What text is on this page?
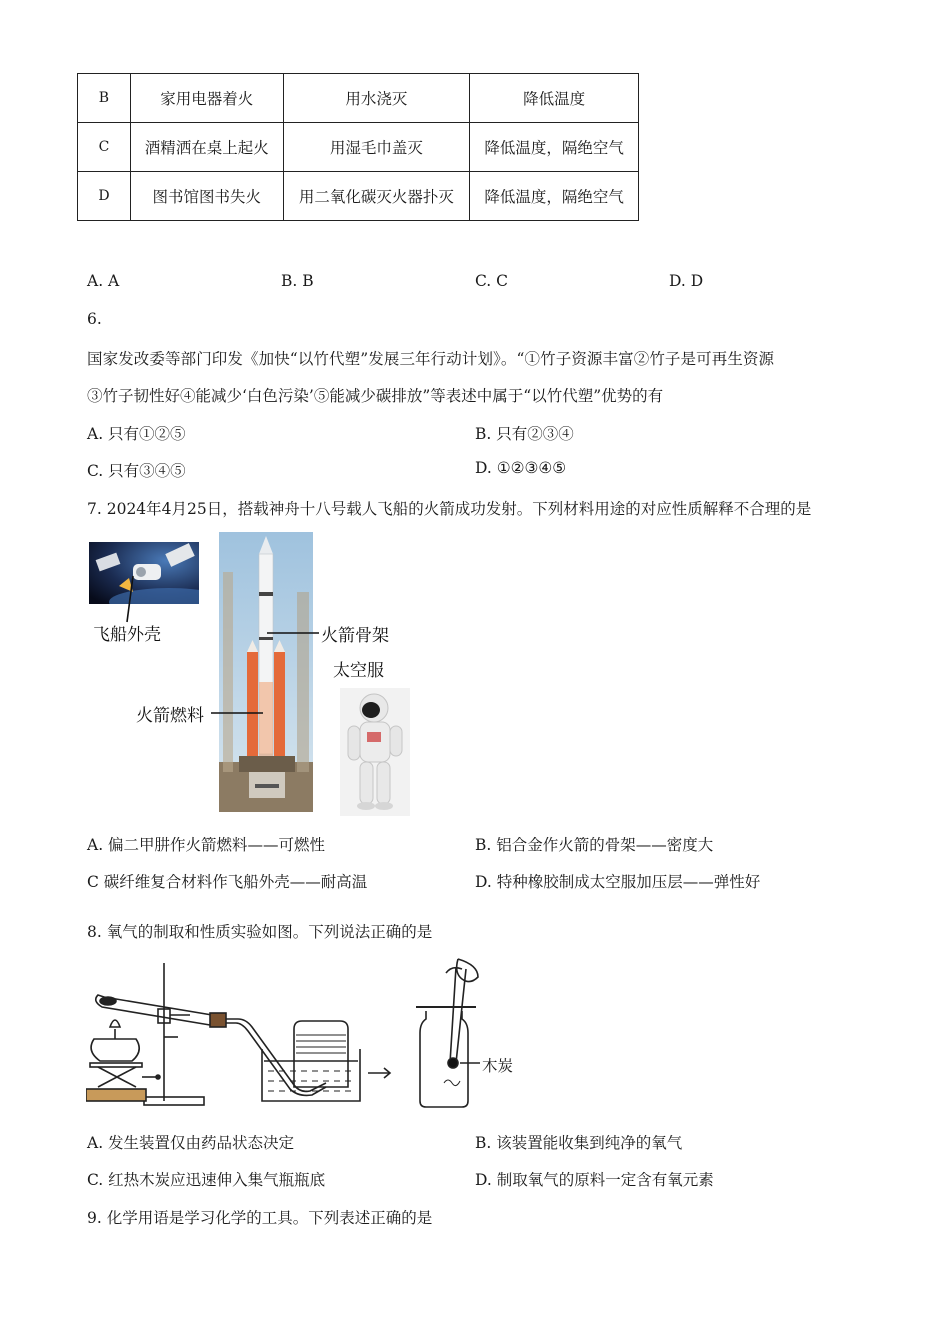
B	家用电器着火	用水浇灭	降低温度
C	酒精洒在桌上起火	用湿毛巾盖灭	降低温度，隔绝空气
D	图书馆图书失火	用二氧化碳灭火器扑灭	降低温度，隔绝空气
A. A	B. B	C. C	D. D
6.
国家发改委等部门印发《加快“以竹代塑”发展三年行动计划》。“①竹子资源丰富②竹子是可再生资源
③竹子韧性好④能减少‘白色污染’⑤能减少碳排放”等表述中属于“以竹代塑”优势的有
A. 只有①②⑤	B. 只有②③④
C. 只有③④⑤	D. ①②③④⑤
7. 2024年4月25日，搭载神舟十八号载人飞船的火箭成功发射。下列材料用途的对应性质解释不合理的是
飞船外壳	火箭骨架
太空服
火箭燃料
A. 偏二甲肼作火箭燃料——可燃性	B. 铝合金作火箭的骨架——密度大
C 碳纤维复合材料作飞船外壳——耐高温	D. 特种橡胶制成太空服加压层——弹性好
8. 氧气的制取和性质实验如图。下列说法正确的是
木炭
A. 发生装置仅由药品状态决定	B. 该装置能收集到纯净的氧气
C. 红热木炭应迅速伸入集气瓶瓶底	D. 制取氧气的原料一定含有氧元素
9. 化学用语是学习化学的工具。下列表述正确的是
